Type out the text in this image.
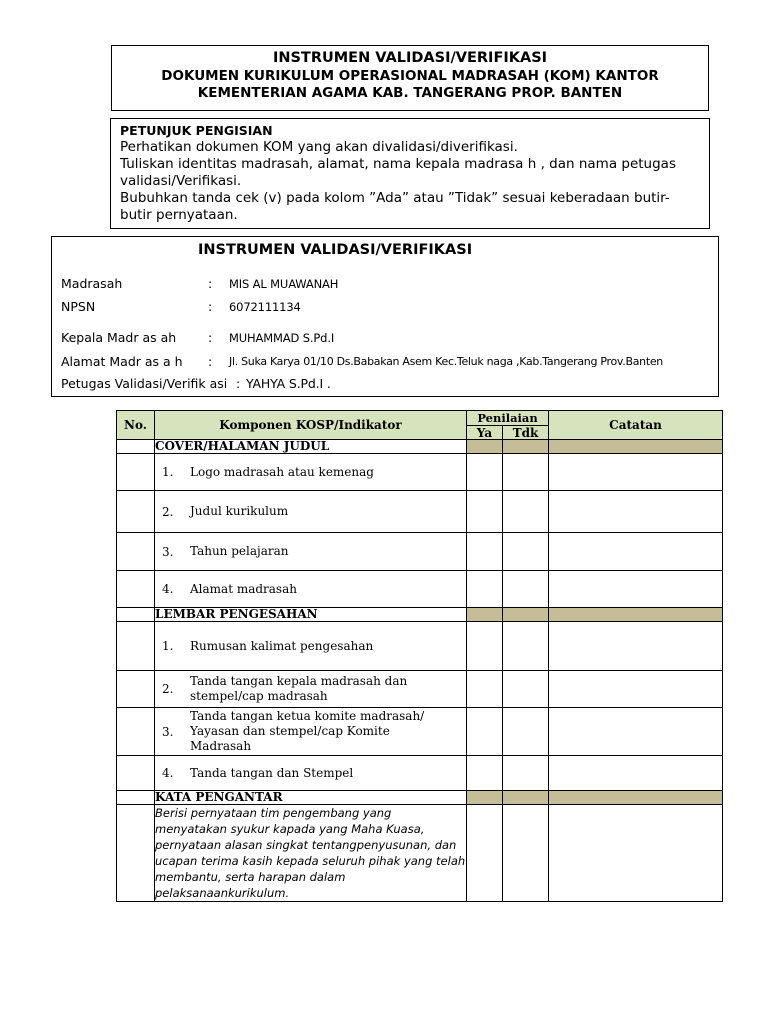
INSTRUMEN VALIDASI/VERIFIKASI
DOKUMEN KURIKULUM OPERASIONAL MADRASAH (KOM) KANTOR
KEMENTERIAN AGAMA KAB. TANGERANG PROP. BANTEN
PETUNJUK PENGISIAN
Perhatikan dokumen KOM yang akan divalidasi/diverifikasi.
Tuliskan identitas madrasah, alamat, nama kepala madrasa h , dan nama petugas
validasi/Verifikasi.
Bubuhkan tanda cek (v) pada kolom ”Ada” atau ”Tidak” sesuai keberadaan butir-
butir pernyataan.
INSTRUMEN VALIDASI/VERIFIKASI
Madrasah	: MIS AL MUAWANAH
NPSN	: 6072111134
Kepala Madr as ah	: MUHAMMAD S.Pd.I
Alamat Madr as a h : Jl. Suka Karya 01/10 Ds.Babakan Asem Kec.Teluk naga ,Kab.Tangerang Prov.Banten
Petugas Validasi/Verifik asi : YAHYA S.Pd.I .
No.	Komponen KOSP/Indikator	Penilaian		Catatan
		Ya	Tdk	
	COVER/HALAMAN JUDUL			
	1. Logo madrasah atau kemenag			
	2. Judul kurikulum			
	3. Tahun pelajaran			
	4. Alamat madrasah			
	LEMBAR PENGESAHAN			
	1. Rumusan kalimat pengesahan			
	2.Tanda tangan kepala madrasah dan stempel/cap madrasah			
	3.Tanda tangan ketua komite madrasah/ Yayasan dan stempel/cap Komite Madrasah			
	4. Tanda tangan dan Stempel			
	KATA PENGANTAR			
	Berisi pernyataan tim pengembang yang menyatakan syukur kapada yang Maha Kuasa, pernyataan alasan singkat tentangpenyusunan, dan ucapan terima kasih kepada seluruh pihak yang telah membantu, serta harapan dalam pelaksanaankurikulum.			
